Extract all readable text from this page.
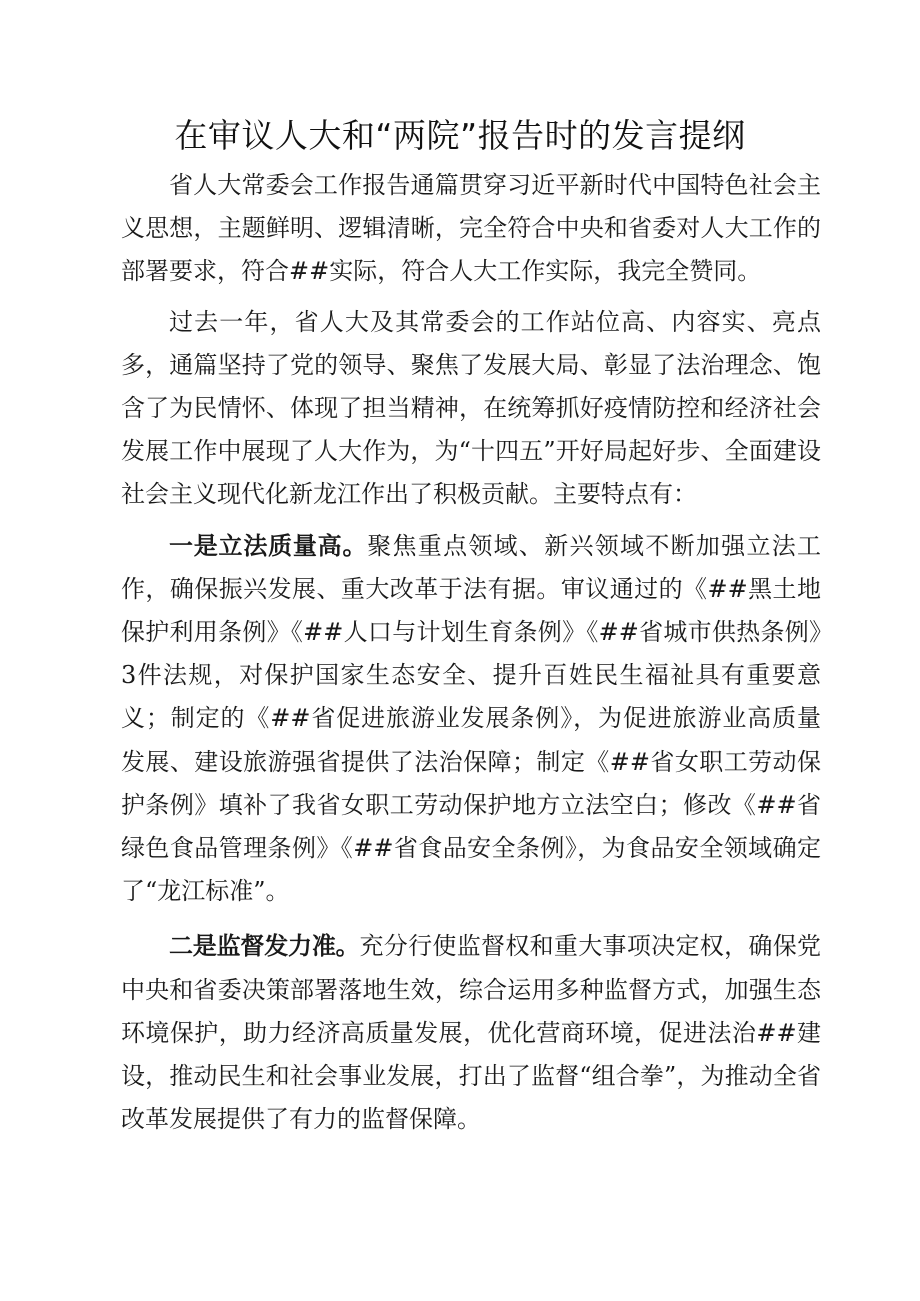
在审议人大和“两院”报告时的发言提纲

省人大常委会工作报告通篇贯穿习近平新时代中国特色社会主义思想，主题鲜明、逻辑清晰，完全符合中央和省委对人大工作的部署要求，符合##实际，符合人大工作实际，我完全赞同。

过去一年，省人大及其常委会的工作站位高、内容实、亮点多，通篇坚持了党的领导、聚焦了发展大局、彰显了法治理念、饱含了为民情怀、体现了担当精神，在统筹抓好疫情防控和经济社会发展工作中展现了人大作为，为“十四五”开好局起好步、全面建设社会主义现代化新龙江作出了积极贡献。主要特点有：

一是立法质量高。聚焦重点领域、新兴领域不断加强立法工作，确保振兴发展、重大改革于法有据。审议通过的《##黑土地保护利用条例》《##人口与计划生育条例》《##省城市供热条例》3件法规，对保护国家生态安全、提升百姓民生福祉具有重要意义；制定的《##省促进旅游业发展条例》，为促进旅游业高质量发展、建设旅游强省提供了法治保障；制定《##省女职工劳动保护条例》填补了我省女职工劳动保护地方立法空白；修改《##省绿色食品管理条例》《##省食品安全条例》，为食品安全领域确定了“龙江标准”。

二是监督发力准。充分行使监督权和重大事项决定权，确保党中央和省委决策部署落地生效，综合运用多种监督方式，加强生态环境保护，助力经济高质量发展，优化营商环境，促进法治##建设，推动民生和社会事业发展，打出了监督“组合拳”，为推动全省改革发展提供了有力的监督保障。
